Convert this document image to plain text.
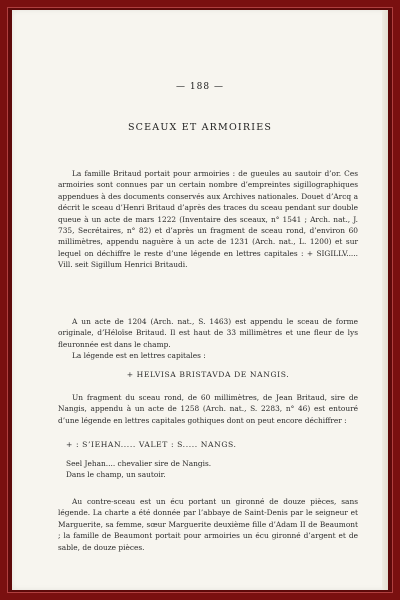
— 188 —
SCEAUX ET ARMOIRIES

La famille Britaud portait pour armoiries : de gueules au sautoir d’or. Ces armoiries sont connues par un certain nombre d’empreintes sigillographiques appendues à des documents conservés aux Archives nationales. Douet d’Arcq a décrit le sceau d’Henri Britaud d’après des traces du sceau pendant sur double queue à un acte de mars 1222 (Inventaire des sceaux, n° 1541 ; Arch. nat., J. 735, Secrétaires, n° 82) et d’après un fragment de sceau rond, d’environ 60 millimètres, appendu naguère à un acte de 1231 (Arch. nat., L. 1200) et sur lequel on déchiffre le reste d’une légende en lettres capitales : + SIGILLV..... Vill. seit Sigillum Henrici Britaudi.

A un acte de 1204 (Arch. nat., S. 1463) est appendu le sceau de forme originale, d’Héloïse Britaud. Il est haut de 33 millimètres et une fleur de lys fleuronnée est dans le champ.

La légende est en lettres capitales :

+ HELVISA BRISTAVDA DE NANGIS.

Un fragment du sceau rond, de 60 millimètres, de Jean Britaud, sire de Nangis, appendu à un acte de 1258 (Arch. nat., S. 2283, n° 46) est entouré d’une légende en lettres capitales gothiques dont on peut encore déchiffrer :

+ : S’IEHAN..... VALET : S..... NANGS.
Seel Jehan.... chevalier sire de Nangis.
Dans le champ, un sautoir.

Au contre-sceau est un écu portant un gironné de douze pièces, sans légende. La charte a été donnée par l’abbaye de Saint-Denis par le seigneur et Marguerite, sa femme, sœur Marguerite deuxième fille d’Adam II de Beaumont ; la famille de Beaumont portait pour armoiries un écu gironné d’argent et de sable, de douze pièces.
